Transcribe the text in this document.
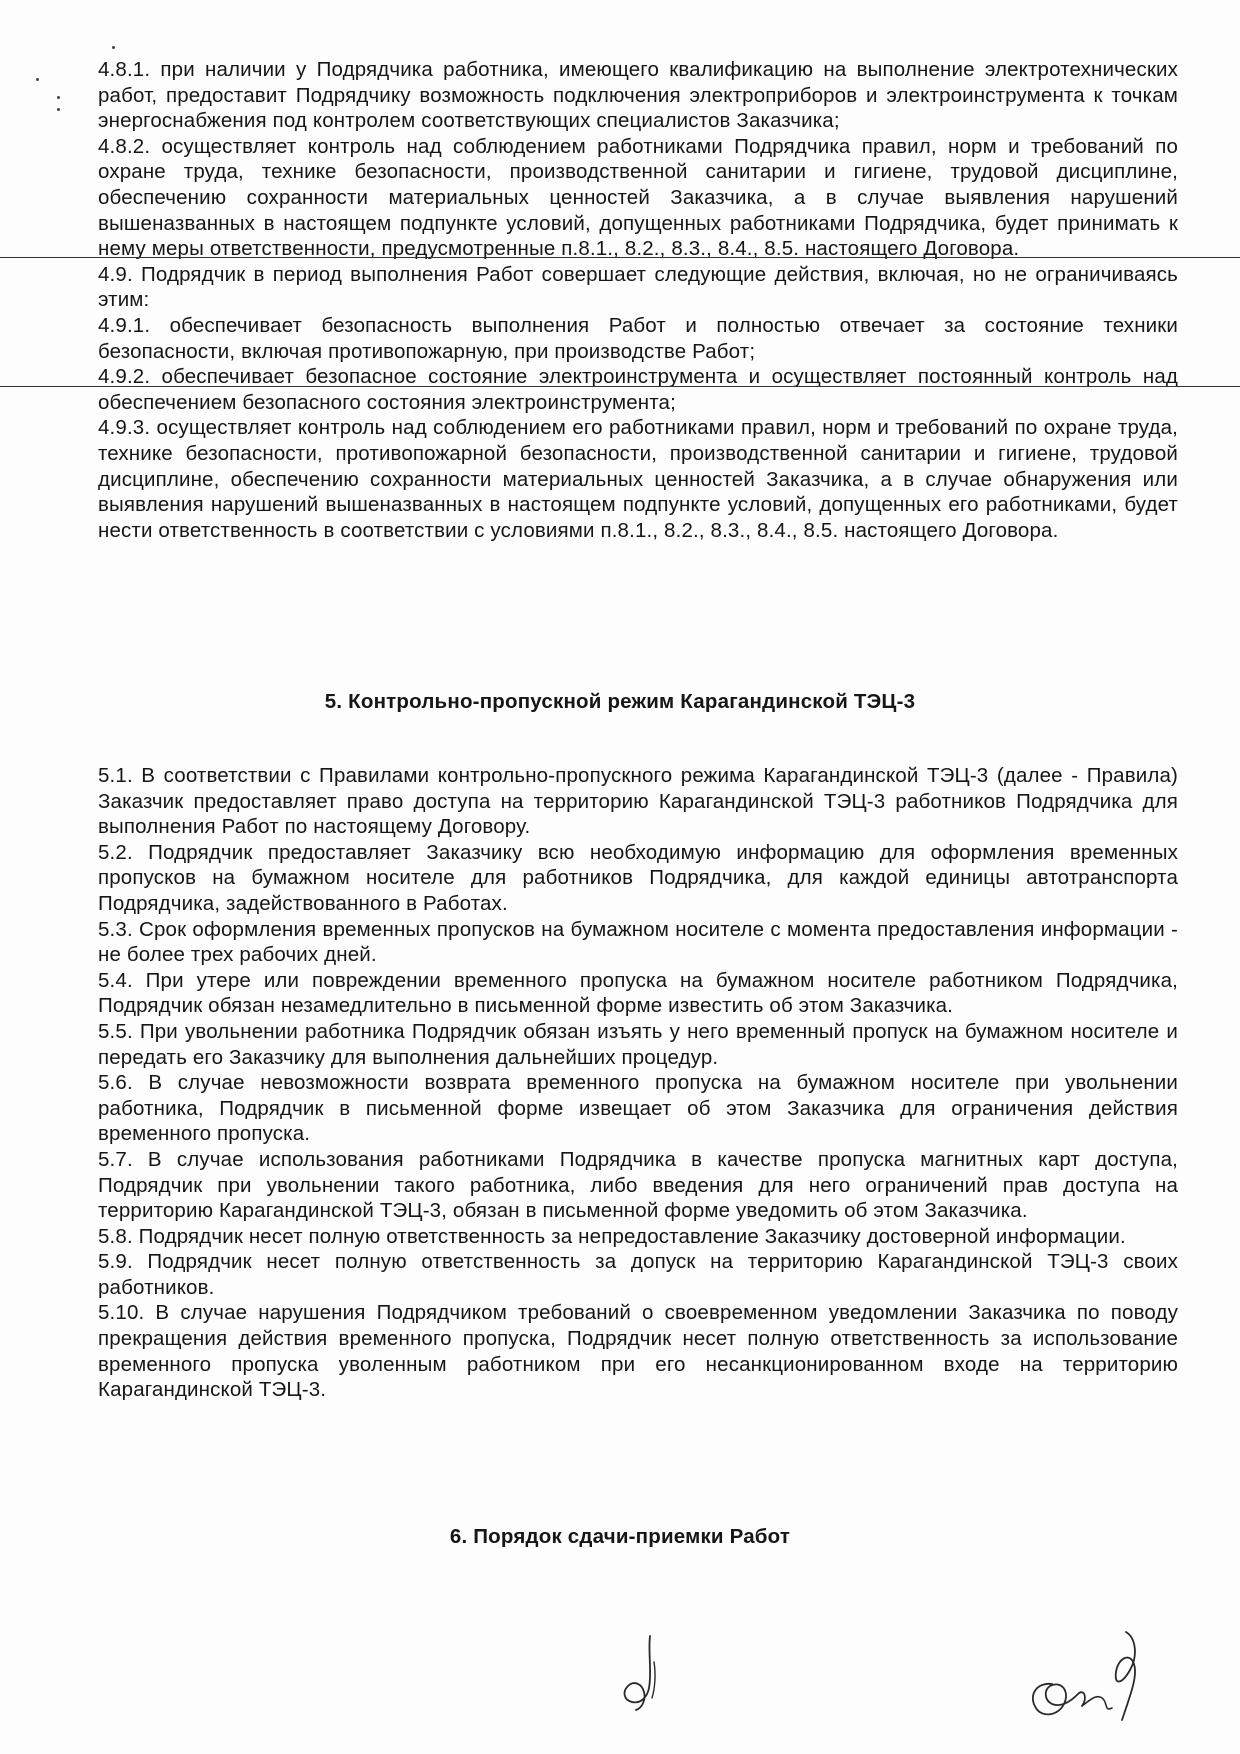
4.8.1. при наличии у Подрядчика работника, имеющего квалификацию на выполнение электротехнических работ, предоставит Подрядчику возможность подключения электроприборов и электроинструмента к точкам энергоснабжения под контролем соответствующих специалистов Заказчика;

4.8.2. осуществляет контроль над соблюдением работниками Подрядчика правил, норм и требований по охране труда, технике безопасности, производственной санитарии и гигиене, трудовой дисциплине, обеспечению сохранности материальных ценностей Заказчика, а в случае выявления нарушений вышеназванных в настоящем подпункте условий, допущенных работниками Подрядчика, будет принимать к нему меры ответственности, предусмотренные п.8.1., 8.2., 8.3., 8.4., 8.5. настоящего Договора.

4.9. Подрядчик в период выполнения Работ совершает следующие действия, включая, но не ограничиваясь этим:

4.9.1. обеспечивает безопасность выполнения Работ и полностью отвечает за состояние техники безопасности, включая противопожарную, при производстве Работ;

4.9.2. обеспечивает безопасное состояние электроинструмента и осуществляет постоянный контроль над обеспечением безопасного состояния электроинструмента;

4.9.3. осуществляет контроль над соблюдением его работниками правил, норм и требований по охране труда, технике безопасности, противопожарной безопасности, производственной санитарии и гигиене, трудовой дисциплине, обеспечению сохранности материальных ценностей Заказчика, а в случае обнаружения или выявления нарушений вышеназванных в настоящем подпункте условий, допущенных его работниками, будет нести ответственность в соответствии с условиями п.8.1., 8.2., 8.3., 8.4., 8.5. настоящего Договора.

5. Контрольно-пропускной режим Карагандинской ТЭЦ-3

5.1. В соответствии с Правилами контрольно-пропускного режима Карагандинской ТЭЦ-3 (далее - Правила) Заказчик предоставляет право доступа на территорию Карагандинской ТЭЦ-3 работников Подрядчика для выполнения Работ по настоящему Договору.

5.2. Подрядчик предоставляет Заказчику всю необходимую информацию для оформления временных пропусков на бумажном носителе для работников Подрядчика, для каждой единицы автотранспорта Подрядчика, задействованного в Работах.

5.3. Срок оформления временных пропусков на бумажном носителе с момента предоставления информации - не более трех рабочих дней.

5.4. При утере или повреждении временного пропуска на бумажном носителе работником Подрядчика, Подрядчик обязан незамедлительно в письменной форме известить об этом Заказчика.

5.5. При увольнении работника Подрядчик обязан изъять у него временный пропуск на бумажном носителе и передать его Заказчику для выполнения дальнейших процедур.

5.6. В случае невозможности возврата временного пропуска на бумажном носителе при увольнении работника, Подрядчик в письменной форме извещает об этом Заказчика для ограничения действия временного пропуска.

5.7. В случае использования работниками Подрядчика в качестве пропуска магнитных карт доступа, Подрядчик при увольнении такого работника, либо введения для него ограничений прав доступа на территорию Карагандинской ТЭЦ-3, обязан в письменной форме уведомить об этом Заказчика.

5.8. Подрядчик несет полную ответственность за непредоставление Заказчику достоверной информации.

5.9. Подрядчик несет полную ответственность за допуск на территорию Карагандинской ТЭЦ-3 своих работников.

5.10. В случае нарушения Подрядчиком требований о своевременном уведомлении Заказчика по поводу прекращения действия временного пропуска, Подрядчик несет полную ответственность за использование временного пропуска уволенным работником при его несанкционированном входе на территорию Карагандинской ТЭЦ-3.

6. Порядок сдачи-приемки Работ
